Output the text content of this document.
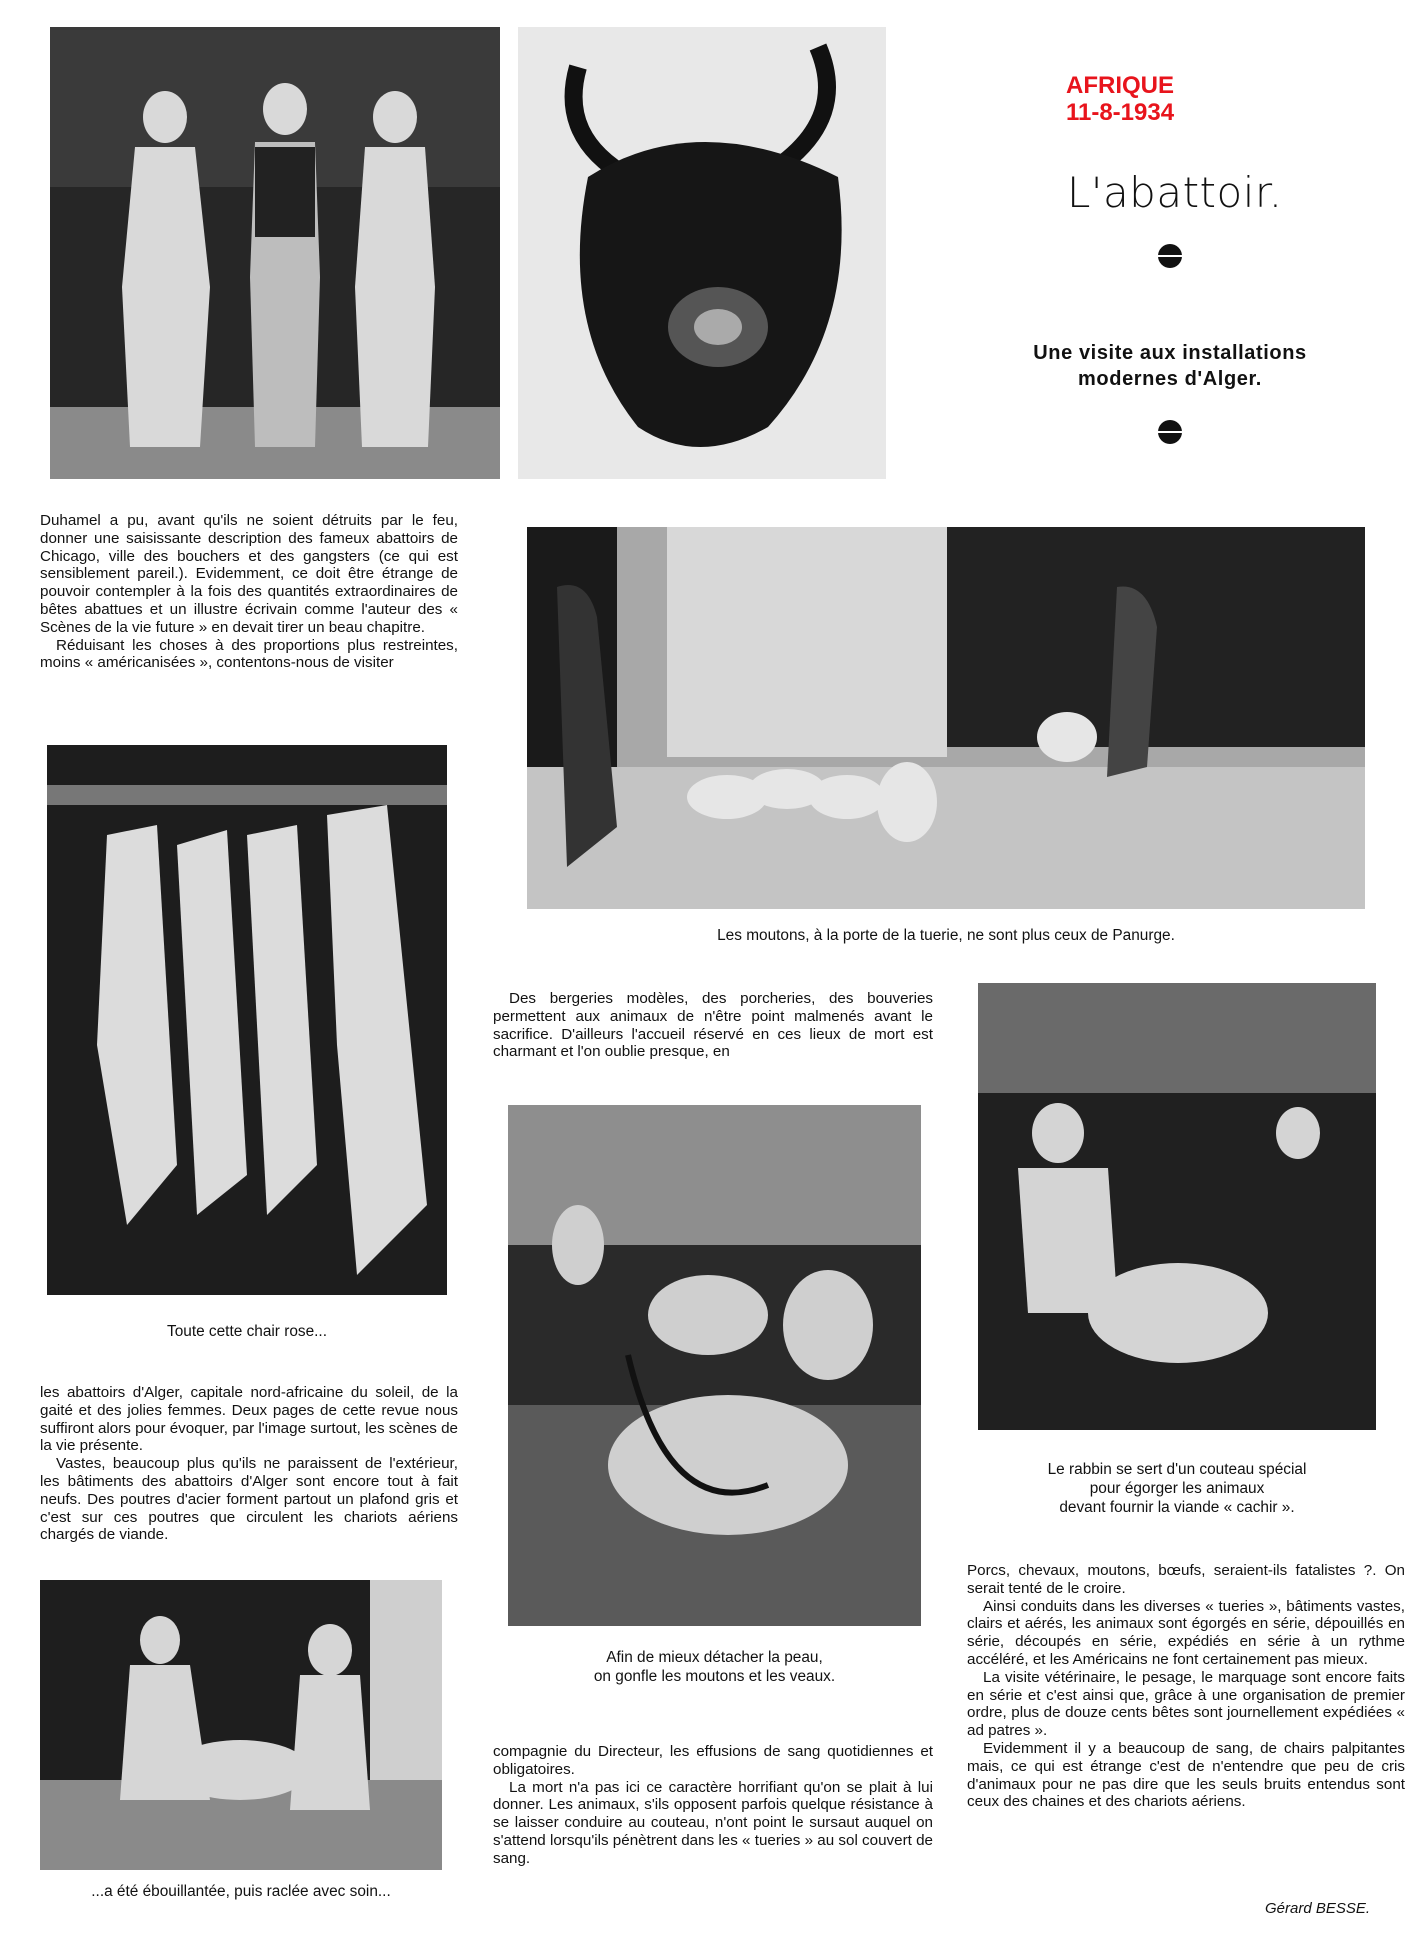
AFRIQUE
11-8-1934
L'abattoir.
Une visite aux installations
modernes d'Alger.
Les moutons, à la porte de la tuerie, ne sont plus ceux de Panurge.
Toute cette chair rose...
Afin de mieux détacher la peau,
on gonfle les moutons et les veaux.
Le rabbin se sert d'un couteau spécial
pour égorger les animaux
devant fournir la viande « cachir ».
...a été ébouillantée, puis raclée avec soin...

Duhamel a pu, avant qu'ils ne soient détruits par le feu, donner une saisissante description des fameux abattoirs de Chicago, ville des bouchers et des gangsters (ce qui est sensiblement pareil.). Evidemment, ce doit être étrange de pouvoir contempler à la fois des quantités extraordinaires de bêtes abattues et un illustre écrivain comme l'auteur des « Scènes de la vie future » en devait tirer un beau chapitre.

Réduisant les choses à des proportions plus restreintes, moins « américanisées », contentons-nous de visiter

les abattoirs d'Alger, capitale nord-africaine du soleil, de la gaité et des jolies femmes. Deux pages de cette revue nous suffiront alors pour évoquer, par l'image surtout, les scènes de la vie présente.

Vastes, beaucoup plus qu'ils ne paraissent de l'extérieur, les bâtiments des abattoirs d'Alger sont encore tout à fait neufs. Des poutres d'acier forment partout un plafond gris et c'est sur ces poutres que circulent les chariots aériens chargés de viande.

Des bergeries modèles, des porcheries, des bouveries permettent aux animaux de n'être point malmenés avant le sacrifice. D'ailleurs l'accueil réservé en ces lieux de mort est charmant et l'on oublie presque, en

compagnie du Directeur, les effusions de sang quotidiennes et obligatoires.

La mort n'a pas ici ce caractère horrifiant qu'on se plait à lui donner. Les animaux, s'ils opposent parfois quelque résistance à se laisser conduire au couteau, n'ont point le sursaut auquel on s'attend lorsqu'ils pénètrent dans les « tueries » au sol couvert de sang.

Porcs, chevaux, moutons, bœufs, seraient-ils fatalistes ?. On serait tenté de le croire.

Ainsi conduits dans les diverses « tueries », bâtiments vastes, clairs et aérés, les animaux sont égorgés en série, dépouillés en série, découpés en série, expédiés en série à un rythme accéléré, et les Américains ne font certainement pas mieux.

La visite vétérinaire, le pesage, le marquage sont encore faits en série et c'est ainsi que, grâce à une organisation de premier ordre, plus de douze cents bêtes sont journellement expédiées « ad patres ».

Evidemment il y a beaucoup de sang, de chairs palpitantes mais, ce qui est étrange c'est de n'entendre que peu de cris d'animaux pour ne pas dire que les seuls bruits entendus sont ceux des chaines et des chariots aériens.

Gérard BESSE.
